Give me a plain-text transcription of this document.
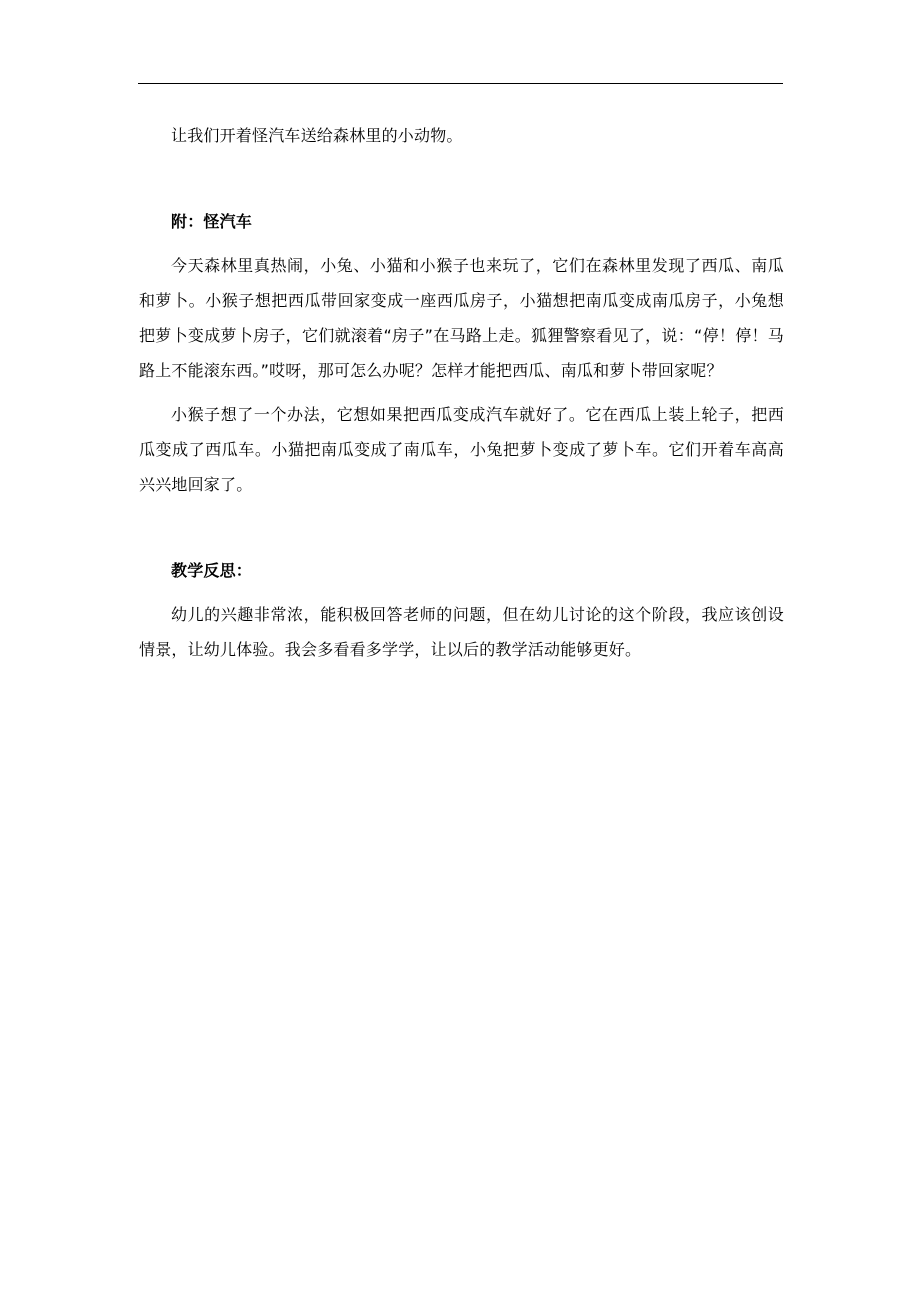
让我们开着怪汽车送给森林里的小动物。

附：怪汽车

今天森林里真热闹，小兔、小猫和小猴子也来玩了，它们在森林里发现了西瓜、南瓜和萝卜。小猴子想把西瓜带回家变成一座西瓜房子，小猫想把南瓜变成南瓜房子，小兔想把萝卜变成萝卜房子，它们就滚着“房子”在马路上走。狐狸警察看见了，说：“停！停！马路上不能滚东西。”哎呀，那可怎么办呢？怎样才能把西瓜、南瓜和萝卜带回家呢？

小猴子想了一个办法，它想如果把西瓜变成汽车就好了。它在西瓜上装上轮子，把西瓜变成了西瓜车。小猫把南瓜变成了南瓜车，小兔把萝卜变成了萝卜车。它们开着车高高兴兴地回家了。

教学反思：

幼儿的兴趣非常浓，能积极回答老师的问题，但在幼儿讨论的这个阶段，我应该创设情景，让幼儿体验。我会多看看多学学，让以后的教学活动能够更好。
